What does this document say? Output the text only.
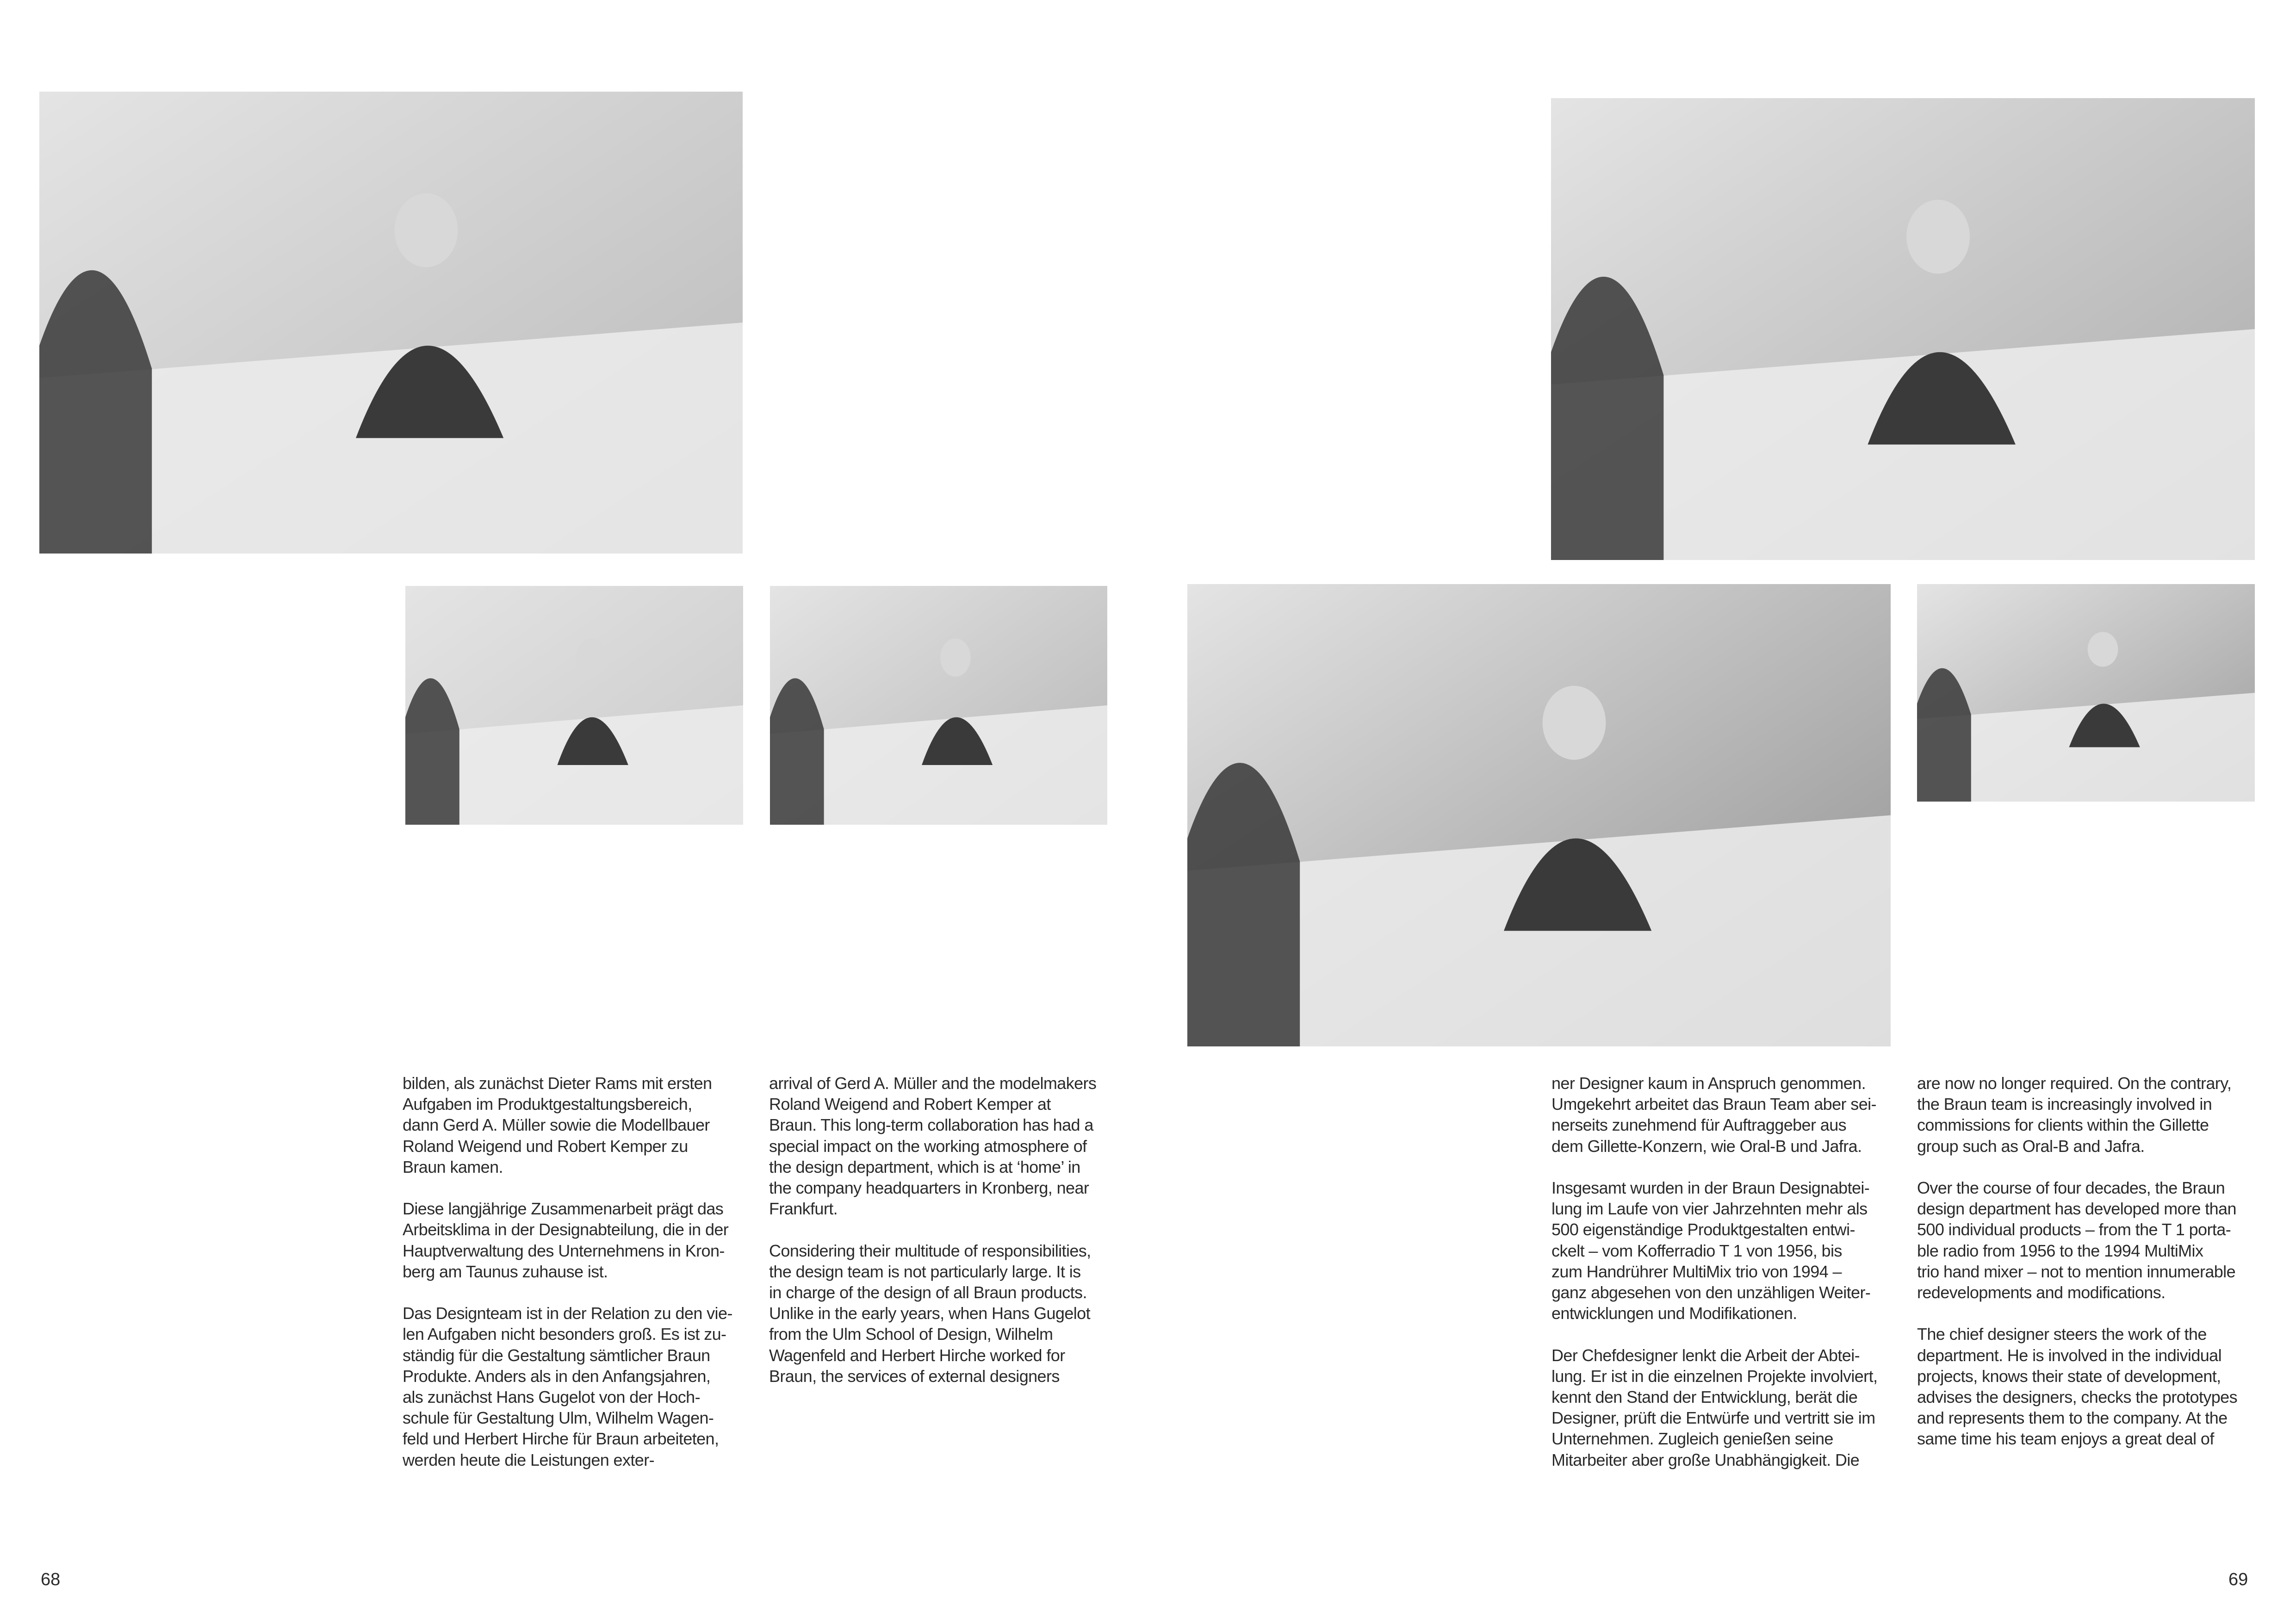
bilden, als zunächst Dieter Rams mit ersten
Aufgaben im Produktgestaltungsbereich,
dann Gerd A. Müller sowie die Modellbauer
Roland Weigend und Robert Kemper zu
Braun kamen.

Diese langjährige Zusammenarbeit prägt das
Arbeitsklima in der Designabteilung, die in der
Hauptverwaltung des Unternehmens in Kron-
berg am Taunus zuhause ist.

Das Designteam ist in der Relation zu den vie-
len Aufgaben nicht besonders groß. Es ist zu-
ständig für die Gestaltung sämtlicher Braun
Produkte. Anders als in den Anfangsjahren,
als zunächst Hans Gugelot von der Hoch-
schule für Gestaltung Ulm, Wilhelm Wagen-
feld und Herbert Hirche für Braun arbeiteten,
werden heute die Leistungen exter-

arrival of Gerd A. Müller and the modelmakers
Roland Weigend and Robert Kemper at
Braun. This long-term collaboration has had a
special impact on the working atmosphere of
the design department, which is at ‘home’ in
the company headquarters in Kronberg, near
Frankfurt.

Considering their multitude of responsibilities,
the design team is not particularly large. It is
in charge of the design of all Braun products.
Unlike in the early years, when Hans Gugelot
from the Ulm School of Design, Wilhelm
Wagenfeld and Herbert Hirche worked for
Braun, the services of external designers

ner Designer kaum in Anspruch genommen.
Umgekehrt arbeitet das Braun Team aber sei-
nerseits zunehmend für Auftraggeber aus
dem Gillette-Konzern, wie Oral-B und Jafra.

Insgesamt wurden in der Braun Designabtei-
lung im Laufe von vier Jahrzehnten mehr als
500 eigenständige Produktgestalten entwi-
ckelt – vom Kofferradio T 1 von 1956, bis
zum Handrührer MultiMix trio von 1994 –
ganz abgesehen von den unzähligen Weiter-
entwicklungen und Modifikationen.

Der Chefdesigner lenkt die Arbeit der Abtei-
lung. Er ist in die einzelnen Projekte involviert,
kennt den Stand der Entwicklung, berät die
Designer, prüft die Entwürfe und vertritt sie im
Unternehmen. Zugleich genießen seine
Mitarbeiter aber große Unabhängigkeit. Die

are now no longer required. On the contrary,
the Braun team is increasingly involved in
commissions for clients within the Gillette
group such as Oral-B and Jafra.

Over the course of four decades, the Braun
design department has developed more than
500 individual products – from the T 1 porta-
ble radio from 1956 to the 1994 MultiMix
trio hand mixer – not to mention innumerable
redevelopments and modifications.

The chief designer steers the work of the
department. He is involved in the individual
projects, knows their state of development,
advises the designers, checks the prototypes
and represents them to the company. At the
same time his team enjoys a great deal of

68	69
